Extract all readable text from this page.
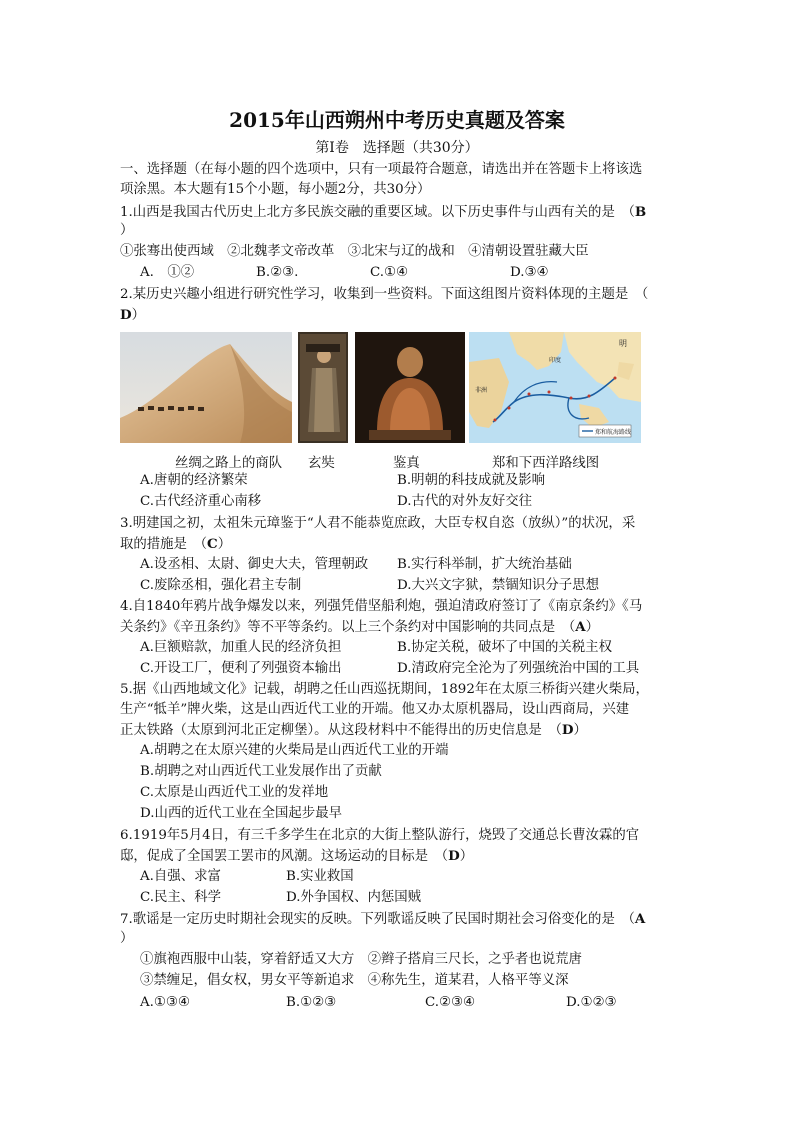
2015年山西朔州中考历史真题及答案
第Ⅰ卷　选择题（共30分）
一、选择题（在每小题的四个选项中，只有一项最符合题意，请选出并在答题卡上将该选
项涂黑。本大题有15个小题，每小题2分，共30分）
1.山西是我国古代历史上北方多民族交融的重要区域。以下历史事件与山西有关的是　（B
）
①张骞出使西域　②北魏孝文帝改革　③北宋与辽的战和　④清朝设置驻藏大臣
A.　①②	B.②③.	C.①④	D.③④
2.某历史兴趣小组进行研究性学习，收集到一些资料。下面这组图片资料体现的主题是　（
D）
郑和航海路线
明
印度
非洲
丝绸之路上的商队 玄奘	鉴真	郑和下西洋路线图
A.唐朝的经济繁荣	B.明朝的科技成就及影响
C.古代经济重心南移	D.古代的对外友好交往
3.明建国之初，太祖朱元璋鉴于“人君不能恭览庶政，大臣专权自恣（放纵）”的状况，采
取的措施是　（C）
A.设丞相、太尉、御史大夫，管理朝政 B.实行科举制，扩大统治基础
C.废除丞相，强化君主专制	D.大兴文字狱，禁锢知识分子思想
4.自1840年鸦片战争爆发以来，列强凭借坚船利炮，强迫清政府签订了《南京条约》《马
关条约》《辛丑条约》等不平等条约。以上三个条约对中国影响的共同点是　（A）
A.巨额赔款，加重人民的经济负担	B.协定关税，破坏了中国的关税主权
C.开设工厂，便利了列强资本输出	D.清政府完全沦为了列强统治中国的工具
5.据《山西地域文化》记载，胡聘之任山西巡抚期间，1892年在太原三桥街兴建火柴局，
生产“牴羊”牌火柴，这是山西近代工业的开端。他又办太原机器局，设山西商局，兴建
正太铁路（太原到河北正定柳堡）。从这段材料中不能得出的历史信息是　（D）
A.胡聘之在太原兴建的火柴局是山西近代工业的开端
B.胡聘之对山西近代工业发展作出了贡献
C.太原是山西近代工业的发祥地
D.山西的近代工业在全国起步最早
6.1919年5月4日，有三千多学生在北京的大街上整队游行，烧毁了交通总长曹汝霖的官
邸，促成了全国罢工罢市的风潮。这场运动的目标是　（D）
A.自强、求富	B.实业救国
C.民主、科学	D.外争国权、内惩国贼
7.歌谣是一定历史时期社会现实的反映。下列歌谣反映了民国时期社会习俗变化的是　（A
）
①旗袍西服中山装，穿着舒适又大方　②辫子搭肩三尺长，之乎者也说荒唐
③禁缠足，倡女权，男女平等新追求　④称先生，道某君，人格平等义深
A.①③④	B.①②③	C.②③④	D.①②③
